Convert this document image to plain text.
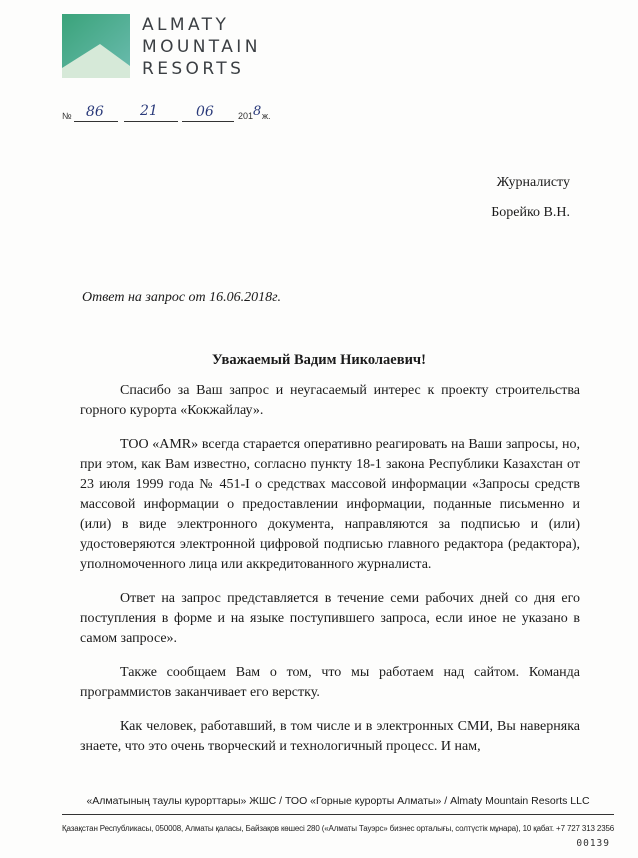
ALMATY
MOUNTAIN
RESORTS
№ 86	21	06	201 8 ж.
Журналисту
Борейко В.Н.
Ответ на запрос от 16.06.2018г.
Уважаемый Вадим Николаевич!

Спасибо за Ваш запрос и неугасаемый интерес к проекту строительства горного курорта «Кокжайлау».

ТОО «AMR» всегда старается оперативно реагировать на Ваши запросы, но, при этом, как Вам известно, согласно пункту 18-1 закона Республики Казахстан от 23 июля 1999 года № 451-I о средствах массовой информации «Запросы средств массовой информации о предоставлении информации, поданные письменно и (или) в виде электронного документа, направляются за подписью и (или) удостоверяются электронной цифровой подписью главного редактора (редактора), уполномоченного лица или аккредитованного журналиста.

Ответ на запрос представляется в течение семи рабочих дней со дня его поступления в форме и на языке поступившего запроса, если иное не указано в самом запросе».

Также сообщаем Вам о том, что мы работаем над сайтом. Команда программистов заканчивает его верстку.

Как человек, работавший, в том числе и в электронных СМИ, Вы наверняка знаете, что это очень творческий и технологичный процесс. И нам,

«Алматының таулы курорттары» ЖШС / ТОО «Горные курорты Алматы» / Almaty Mountain Resorts LLC
Қазақстан Республикасы, 050008, Алматы қаласы, Байзақов көшесі 280 («Алматы Тауэрс» бизнес орталығы, солтүстік мұнара), 10 қабат. +7 727 313 2356
00139
